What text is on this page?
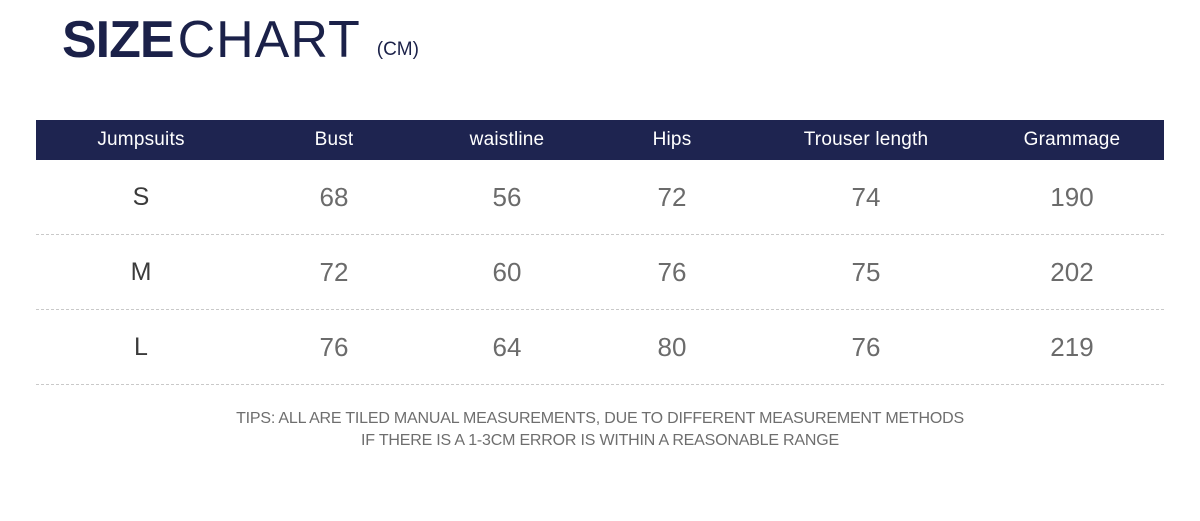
SIZE CHART (CM)
Jumpsuits	Bust	waistline	Hips	Trouser length	Grammage
S	68	56	72	74	190
M	72	60	76	75	202
L	76	64	80	76	219
TIPS: ALL ARE TILED MANUAL MEASUREMENTS, DUE TO DIFFERENT MEASUREMENT METHODS
IF THERE IS A 1-3CM ERROR IS WITHIN A REASONABLE RANGE
